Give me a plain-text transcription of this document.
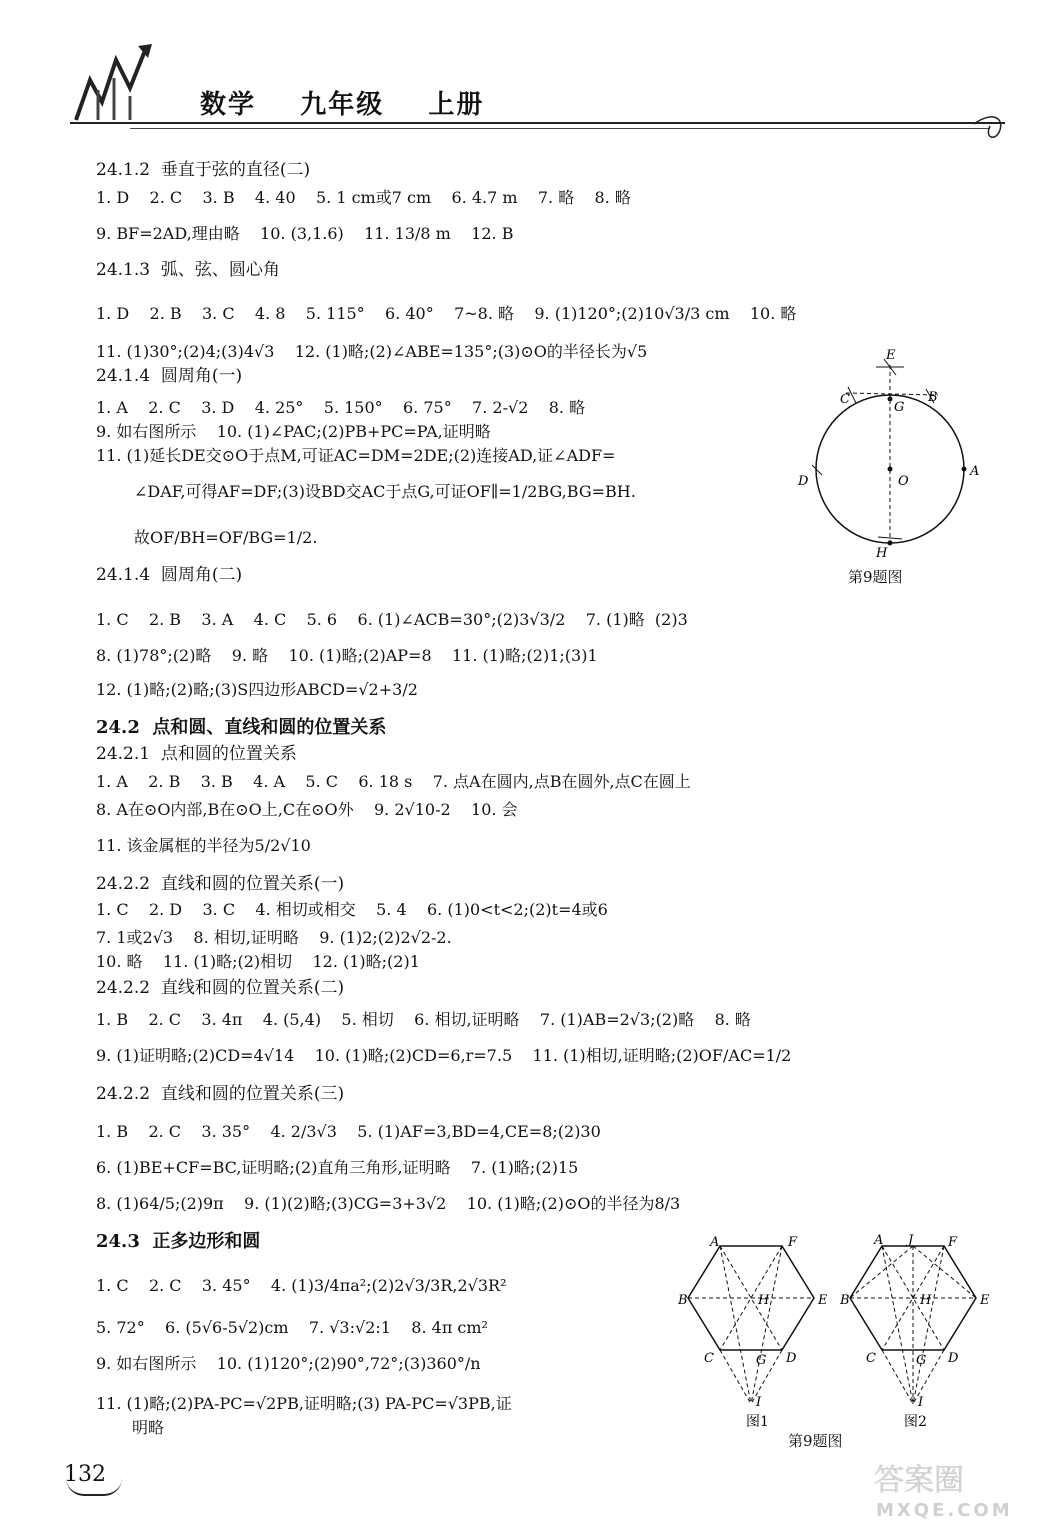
数学    九年级    上册
24.1.2  垂直于弦的直径(二)
1. D    2. C    3. B    4. 40    5. 1 cm或7 cm    6. 4.7 m    7. 略    8. 略
9. BF=2AD,理由略    10. (3,1.6)    11. 13/8 m    12. B
24.1.3  弧、弦、圆心角
1. D    2. B    3. C    4. 8    5. 115°    6. 40°    7~8. 略    9. (1)120°;(2)10√3/3 cm    10. 略
11. (1)30°;(2)4;(3)4√3    12. (1)略;(2)∠ABE=135°;(3)⊙O的半径长为√5
24.1.4  圆周角(一)
1. A    2. C    3. D    4. 25°    5. 150°    6. 75°    7. 2-√2    8. 略
9. 如右图所示    10. (1)∠PAC;(2)PB+PC=PA,证明略
11. (1)延长DE交⊙O于点M,可证AC=DM=2DE;(2)连接AD,证∠ADF=
∠DAF,可得AF=DF;(3)设BD交AC于点G,可证OF∥=1/2BG,BG=BH.
故OF/BH=OF/BG=1/2.
24.1.4  圆周角(二)
1. C    2. B    3. A    4. C    5. 6    6. (1)∠ACB=30°;(2)3√3/2    7. (1)略  (2)3
8. (1)78°;(2)略    9. 略    10. (1)略;(2)AP=8    11. (1)略;(2)1;(3)1
12. (1)略;(2)略;(3)S四边形ABCD=√2+3/2
24.2  点和圆、直线和圆的位置关系
24.2.1  点和圆的位置关系
1. A    2. B    3. B    4. A    5. C    6. 18 s    7. 点A在圆内,点B在圆外,点C在圆上
8. A在⊙O内部,B在⊙O上,C在⊙O外    9. 2√10-2    10. 会
11. 该金属框的半径为5/2√10
24.2.2  直线和圆的位置关系(一)
1. C    2. D    3. C    4. 相切或相交    5. 4    6. (1)0<t<2;(2)t=4或6
7. 1或2√3    8. 相切,证明略    9. (1)2;(2)2√2-2.
10. 略    11. (1)略;(2)相切    12. (1)略;(2)1
24.2.2  直线和圆的位置关系(二)
1. B    2. C    3. 4π    4. (5,4)    5. 相切    6. 相切,证明略    7. (1)AB=2√3;(2)略    8. 略
9. (1)证明略;(2)CD=4√14    10. (1)略;(2)CD=6,r=7.5    11. (1)相切,证明略;(2)OF/AC=1/2
24.2.2  直线和圆的位置关系(三)
1. B    2. C    3. 35°    4. 2/3√3    5. (1)AF=3,BD=4,CE=8;(2)30
6. (1)BE+CF=BC,证明略;(2)直角三角形,证明略    7. (1)略;(2)15
8. (1)64/5;(2)9π    9. (1)(2)略;(3)CG=3+3√2    10. (1)略;(2)⊙O的半径为8/3
24.3  正多边形和圆
1. C    2. C    3. 45°    4. (1)3/4πa²;(2)2√3/3R,2√3R²
5. 72°    6. (5√6-5√2)cm    7. √3:√2:1    8. 4π cm²
9. 如右图所示    10. (1)120°;(2)90°,72°;(3)360°/n
11. (1)略;(2)PA-PC=√2PB,证明略;(3) PA-PC=√3PB,证
明略
E
C
G
B
D	O
A
H
第9题图
A	F
B	H	E
C	G D
I
图1
A J	F
B	H	E
C	G D
I
图2
第9题图
132	答案圈
MXQE.COM
